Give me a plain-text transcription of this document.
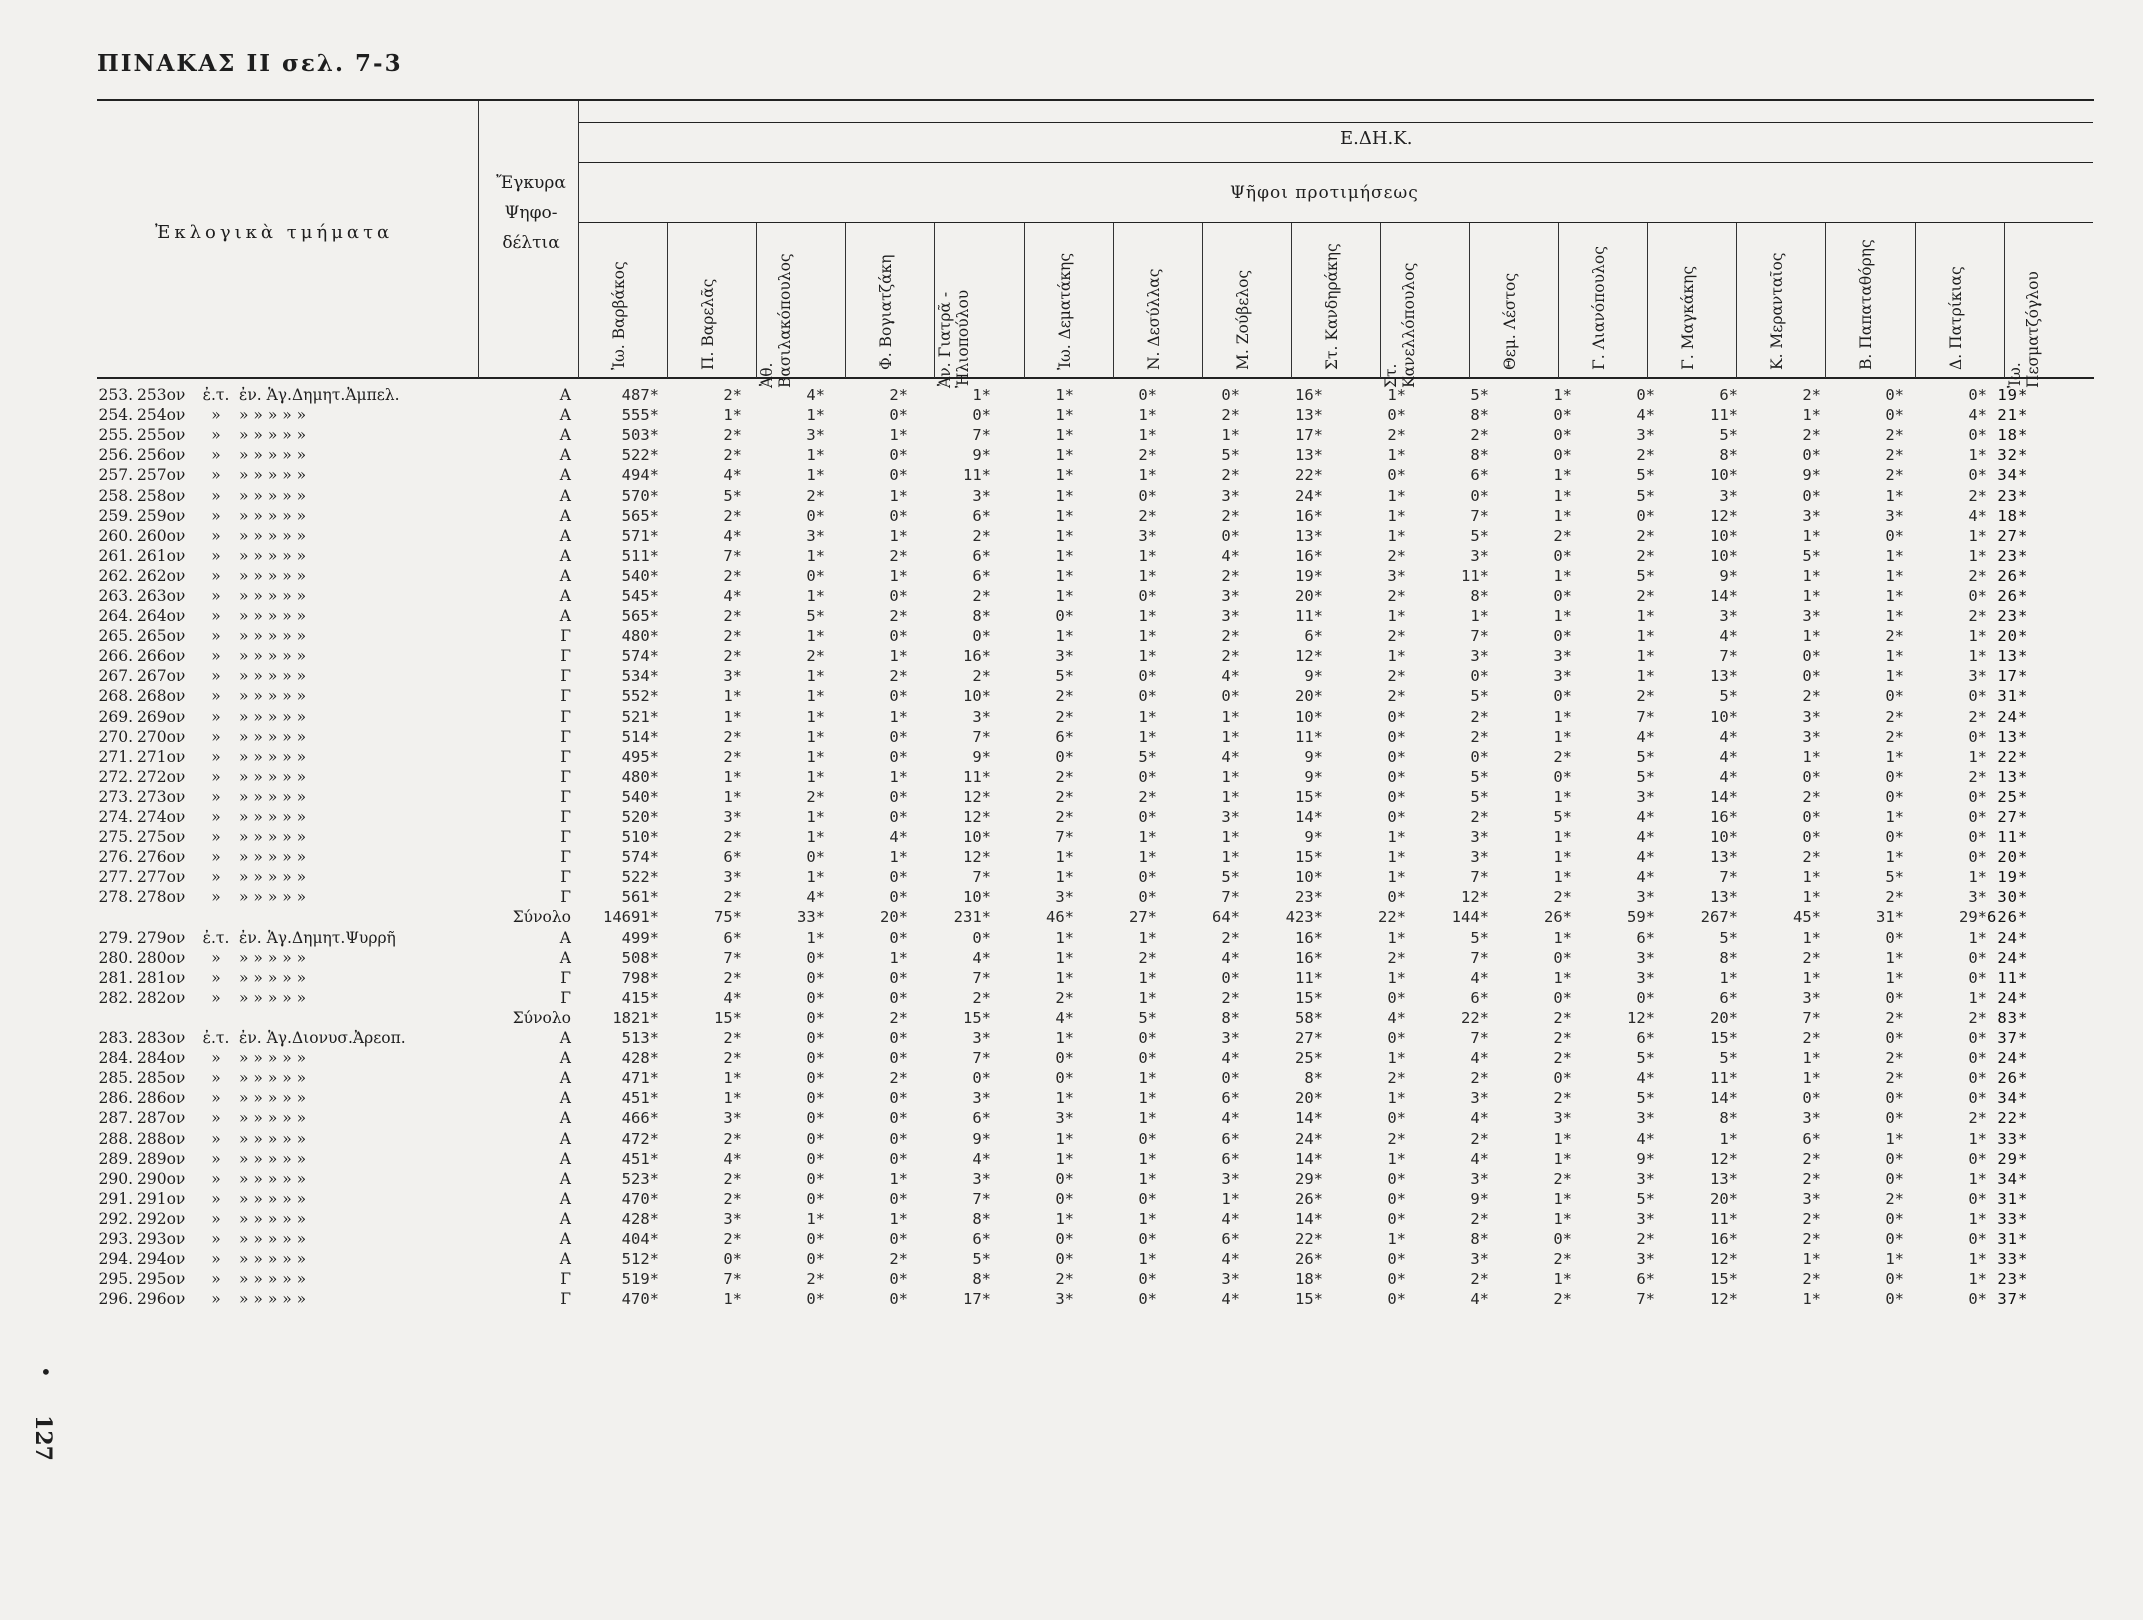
ΠΙΝΑΚΑΣ II σελ. 7-3
•
127
Ἐκλογικὰ τμήματα
Ἔγκυρα
Ψηφο-
δέλτια
Ε.ΔΗ.Κ.
Ψῆφοι προτιμήσεως
Ἰω. Βαρβάκος	Π. Βαρελᾶς
Ἀθ. Βασιλακόπουλος	Φ. Βογιατζάκη	Ἀν. Γιατρᾶ - Ἠλιοπούλου	Ἰω. Δεματάκης	Ν. Δεσύλλας	Μ. Ζούβελος	Στ. Κανδηράκης
Στ. Κανελλόπουλος	Θεμ. Λέστος	Γ. Λιανόπουλος	Γ. Μαγκάκης	Κ. Μερανταῖος	Β. Παπαταθόρης	Δ. Πατρίκιας
Ἰω. Πεσματζόγλου
253.	253ον	ἐ.τ.	ἐν. Ἁγ.Δημητ.Ἀμπελ.	Α	487*	2*	4*	2*	1*	1*	0*	0*	16*	1*	5*	1*	0*	6*	2*	0*	0*	19*
254.	254ον	»	» » » » »	Α	555*	1*	1*	0*	0*	1*	1*	2*	13*	0*	8*	0*	4*	11*	1*	0*	4*	21*
255.	255ον	»	» » » » »	Α	503*	2*	3*	1*	7*	1*	1*	1*	17*	2*	2*	0*	3*	5*	2*	2*	0*	18*
256.	256ον	»	» » » » »	Α	522*	2*	1*	0*	9*	1*	2*	5*	13*	1*	8*	0*	2*	8*	0*	2*	1*	32*
257.	257ον	»	» » » » »	Α	494*	4*	1*	0*	11*	1*	1*	2*	22*	0*	6*	1*	5*	10*	9*	2*	0*	34*
258.	258ον	»	» » » » »	Α	570*	5*	2*	1*	3*	1*	0*	3*	24*	1*	0*	1*	5*	3*	0*	1*	2*	23*
259.	259ον	»	» » » » »	Α	565*	2*	0*	0*	6*	1*	2*	2*	16*	1*	7*	1*	0*	12*	3*	3*	4*	18*
260.	260ον	»	» » » » »	Α	571*	4*	3*	1*	2*	1*	3*	0*	13*	1*	5*	2*	2*	10*	1*	0*	1*	27*
261.	261ον	»	» » » » »	Α	511*	7*	1*	2*	6*	1*	1*	4*	16*	2*	3*	0*	2*	10*	5*	1*	1*	23*
262.	262ον	»	» » » » »	Α	540*	2*	0*	1*	6*	1*	1*	2*	19*	3*	11*	1*	5*	9*	1*	1*	2*	26*
263.	263ον	»	» » » » »	Α	545*	4*	1*	0*	2*	1*	0*	3*	20*	2*	8*	0*	2*	14*	1*	1*	0*	26*
264.	264ον	»	» » » » »	Α	565*	2*	5*	2*	8*	0*	1*	3*	11*	1*	1*	1*	1*	3*	3*	1*	2*	23*
265.	265ον	»	» » » » »	Γ	480*	2*	1*	0*	0*	1*	1*	2*	6*	2*	7*	0*	1*	4*	1*	2*	1*	20*
266.	266ον	»	» » » » »	Γ	574*	2*	2*	1*	16*	3*	1*	2*	12*	1*	3*	3*	1*	7*	0*	1*	1*	13*
267.	267ον	»	» » » » »	Γ	534*	3*	1*	2*	2*	5*	0*	4*	9*	2*	0*	3*	1*	13*	0*	1*	3*	17*
268.	268ον	»	» » » » »	Γ	552*	1*	1*	0*	10*	2*	0*	0*	20*	2*	5*	0*	2*	5*	2*	0*	0*	31*
269.	269ον	»	» » » » »	Γ	521*	1*	1*	1*	3*	2*	1*	1*	10*	0*	2*	1*	7*	10*	3*	2*	2*	24*
270.	270ον	»	» » » » »	Γ	514*	2*	1*	0*	7*	6*	1*	1*	11*	0*	2*	1*	4*	4*	3*	2*	0*	13*
271.	271ον	»	» » » » »	Γ	495*	2*	1*	0*	9*	0*	5*	4*	9*	0*	0*	2*	5*	4*	1*	1*	1*	22*
272.	272ον	»	» » » » »	Γ	480*	1*	1*	1*	11*	2*	0*	1*	9*	0*	5*	0*	5*	4*	0*	0*	2*	13*
273.	273ον	»	» » » » »	Γ	540*	1*	2*	0*	12*	2*	2*	1*	15*	0*	5*	1*	3*	14*	2*	0*	0*	25*
274.	274ον	»	» » » » »	Γ	520*	3*	1*	0*	12*	2*	0*	3*	14*	0*	2*	5*	4*	16*	0*	1*	0*	27*
275.	275ον	»	» » » » »	Γ	510*	2*	1*	4*	10*	7*	1*	1*	9*	1*	3*	1*	4*	10*	0*	0*	0*	11*
276.	276ον	»	» » » » »	Γ	574*	6*	0*	1*	12*	1*	1*	1*	15*	1*	3*	1*	4*	13*	2*	1*	0*	20*
277.	277ον	»	» » » » »	Γ	522*	3*	1*	0*	7*	1*	0*	5*	10*	1*	7*	1*	4*	7*	1*	5*	1*	19*
278.	278ον	»	» » » » »	Γ	561*	2*	4*	0*	10*	3*	0*	7*	23*	0*	12*	2*	3*	13*	1*	2*	3*	30*
				Σύνολο	14691*	75*	33*	20*	231*	46*	27*	64*	423*	22*	144*	26*	59*	267*	45*	31*	29*	626*
279.	279ον	ἐ.τ.	ἐν. Ἁγ.Δημητ.Ψυρρῆ	Α	499*	6*	1*	0*	0*	1*	1*	2*	16*	1*	5*	1*	6*	5*	1*	0*	1*	24*
280.	280ον	»	» » » » »	Α	508*	7*	0*	1*	4*	1*	2*	4*	16*	2*	7*	0*	3*	8*	2*	1*	0*	24*
281.	281ον	»	» » » » »	Γ	798*	2*	0*	0*	7*	1*	1*	0*	11*	1*	4*	1*	3*	1*	1*	1*	0*	11*
282.	282ον	»	» » » » »	Γ	415*	4*	0*	0*	2*	2*	1*	2*	15*	0*	6*	0*	0*	6*	3*	0*	1*	24*
				Σύνολο	1821*	15*	0*	2*	15*	4*	5*	8*	58*	4*	22*	2*	12*	20*	7*	2*	2*	83*
283.	283ον	ἐ.τ.	ἐν. Ἁγ.Διονυσ.Ἀρεοπ.	Α	513*	2*	0*	0*	3*	1*	0*	3*	27*	0*	7*	2*	6*	15*	2*	0*	0*	37*
284.	284ον	»	» » » » »	Α	428*	2*	0*	0*	7*	0*	0*	4*	25*	1*	4*	2*	5*	5*	1*	2*	0*	24*
285.	285ον	»	» » » » »	Α	471*	1*	0*	2*	0*	0*	1*	0*	8*	2*	2*	0*	4*	11*	1*	2*	0*	26*
286.	286ον	»	» » » » »	Α	451*	1*	0*	0*	3*	1*	1*	6*	20*	1*	3*	2*	5*	14*	0*	0*	0*	34*
287.	287ον	»	» » » » »	Α	466*	3*	0*	0*	6*	3*	1*	4*	14*	0*	4*	3*	3*	8*	3*	0*	2*	22*
288.	288ον	»	» » » » »	Α	472*	2*	0*	0*	9*	1*	0*	6*	24*	2*	2*	1*	4*	1*	6*	1*	1*	33*
289.	289ον	»	» » » » »	Α	451*	4*	0*	0*	4*	1*	1*	6*	14*	1*	4*	1*	9*	12*	2*	0*	0*	29*
290.	290ον	»	» » » » »	Α	523*	2*	0*	1*	3*	0*	1*	3*	29*	0*	3*	2*	3*	13*	2*	0*	1*	34*
291.	291ον	»	» » » » »	Α	470*	2*	0*	0*	7*	0*	0*	1*	26*	0*	9*	1*	5*	20*	3*	2*	0*	31*
292.	292ον	»	» » » » »	Α	428*	3*	1*	1*	8*	1*	1*	4*	14*	0*	2*	1*	3*	11*	2*	0*	1*	33*
293.	293ον	»	» » » » »	Α	404*	2*	0*	0*	6*	0*	0*	6*	22*	1*	8*	0*	2*	16*	2*	0*	0*	31*
294.	294ον	»	» » » » »	Α	512*	0*	0*	2*	5*	0*	1*	4*	26*	0*	3*	2*	3*	12*	1*	1*	1*	33*
295.	295ον	»	» » » » »	Γ	519*	7*	2*	0*	8*	2*	0*	3*	18*	0*	2*	1*	6*	15*	2*	0*	1*	23*
296.	296ον	»	» » » » »	Γ	470*	1*	0*	0*	17*	3*	0*	4*	15*	0*	4*	2*	7*	12*	1*	0*	0*	37*
